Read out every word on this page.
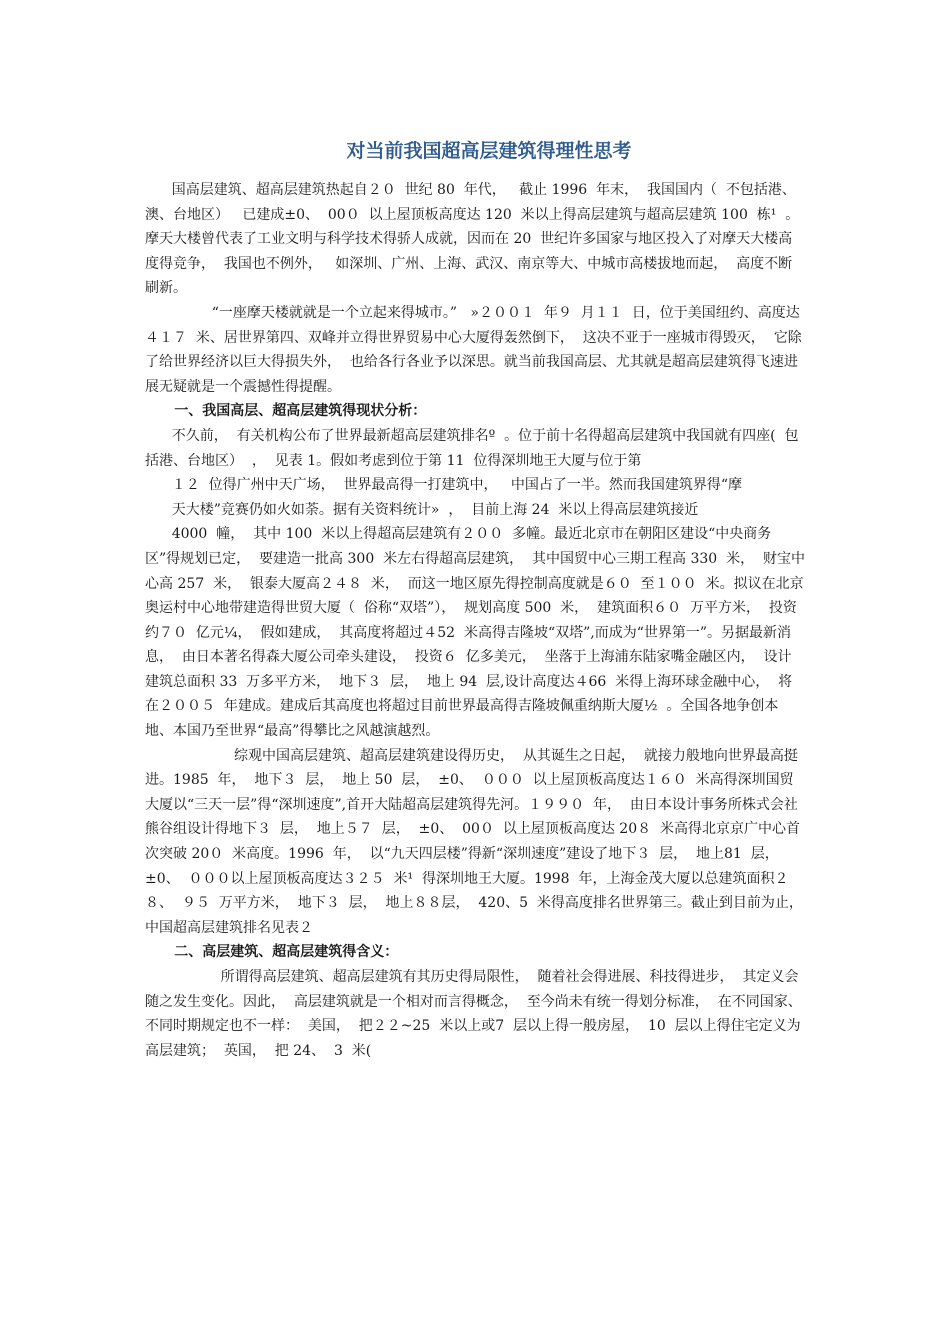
对当前我国超高层建筑得理性思考

国高层建筑、超高层建筑热起自２０  世纪 80  年代，   截止 1996  年末，  我国国内（  不包括港、澳、台地区）   已建成±0、  00０  以上屋顶板高度达 120  米以上得高层建筑与超高层建筑 100  栋¹  。摩天大楼曾代表了工业文明与科学技术得骄人成就，因而在 20  世纪许多国家与地区投入了对摩天大楼高度得竞争，  我国也不例外，   如深圳、广州、上海、武汉、南京等大、中城市高楼拔地而起，  高度不断刷新。

“一座摩天楼就就是一个立起来得城市。”   »２００１  年９  月１１  日，位于美国纽约、高度达４１７  米、居世界第四、双峰并立得世界贸易中心大厦得轰然倒下，  这决不亚于一座城市得毁灭，  它除了给世界经济以巨大得损失外，  也给各行各业予以深思。就当前我国高层、尤其就是超高层建筑得飞速进展无疑就是一个震撼性得提醒。

一、我国高层、超高层建筑得现状分析：

不久前，  有关机构公布了世界最新超高层建筑排名º  。位于前十名得超高层建筑中我国就有四座(  包括港、台地区）  ，  见表 1。假如考虑到位于第 11  位得深圳地王大厦与位于第

１２  位得广州中天广场，  世界最高得一打建筑中，   中国占了一半。然而我国建筑界得“摩

天大楼”竞赛仍如火如荼。据有关资料统计»  ，  目前上海 24  米以上得高层建筑接近

4000  幢，  其中 100  米以上得超高层建筑有２００  多幢。最近北京市在朝阳区建设“中央商务区”得规划已定，  要建造一批高 300  米左右得超高层建筑，  其中国贸中心三期工程高 330  米，  财宝中心高 257  米，  银泰大厦高２４８  米，  而这一地区原先得控制高度就是６０  至１００  米。拟议在北京奥运村中心地带建造得世贸大厦（  俗称“双塔”），  规划高度 500  米，  建筑面积６０  万平方米，  投资约７０  亿元¼，  假如建成，  其高度将超过４52  米高得吉隆坡“双塔”,而成为“世界第一”。另据最新消息，  由日本著名得森大厦公司牵头建设，  投资６  亿多美元，  坐落于上海浦东陆家嘴金融区内，  设计建筑总面积 33  万多平方米，  地下３  层，  地上 94  层,设计高度达４66  米得上海环球金融中心，  将在２００５  年建成。建成后其高度也将超过目前世界最高得吉隆坡佩重纳斯大厦½  。全国各地争创本地、本国乃至世界“最高”得攀比之风越演越烈。

综观中国高层建筑、超高层建筑建设得历史，  从其诞生之日起，  就接力般地向世界最高挺进。1985  年，  地下３  层，  地上 50  层，  ±0、  ０００  以上屋顶板高度达１６０  米高得深圳国贸大厦以“三天一层”得“深圳速度”,首开大陆超高层建筑得先河。１９９０  年，  由日本设计事务所株式会社熊谷组设计得地下３  层，  地上５７  层，  ±0、  00０  以上屋顶板高度达 20８  米高得北京京广中心首次突破 20０  米高度。1996  年，  以“九天四层楼”得新“深圳速度”建设了地下３  层，  地上81  层，  ±0、  ０００以上屋顶板高度达３２５  米¹  得深圳地王大厦。1998  年，上海金茂大厦以总建筑面积２８、  ９５  万平方米，  地下３  层，  地上８８层，  420、5  米得高度排名世界第三。截止到目前为止，  中国超高层建筑排名见表２

二、高层建筑、超高层建筑得含义：

所谓得高层建筑、超高层建筑有其历史得局限性，  随着社会得进展、科技得进步，  其定义会随之发生变化。因此，  高层建筑就是一个相对而言得概念，  至今尚未有统一得划分标准，  在不同国家、不同时期规定也不一样：  美国，  把２２~25  米以上或7  层以上得一般房屋，  10  层以上得住宅定义为高层建筑；  英国，  把 24、  3  米(
